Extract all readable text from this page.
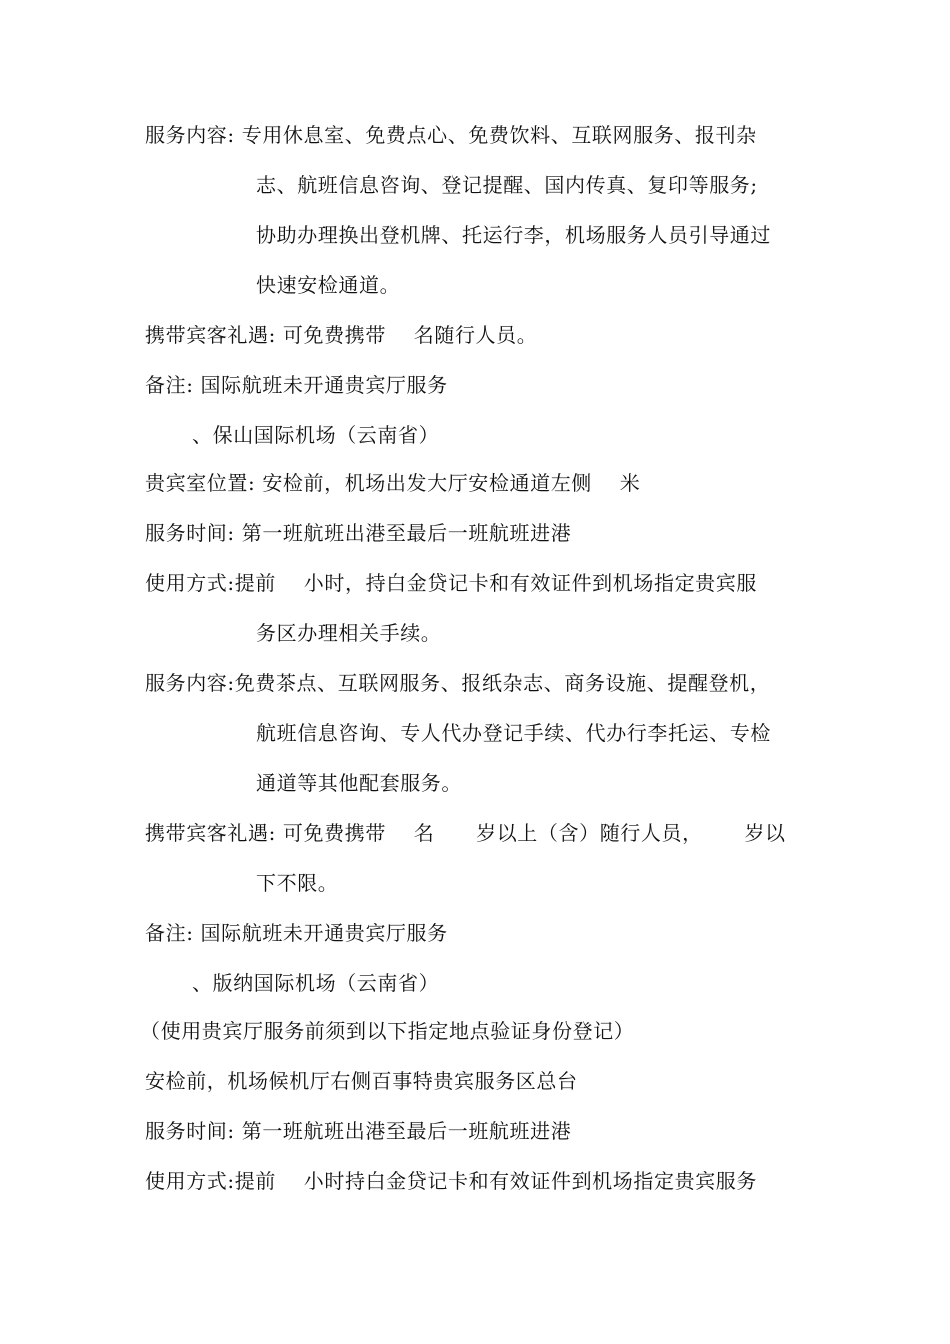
服务内容: 专用休息室、免费点心、免费饮料、互联网服务、报刊杂
志、航班信息咨询、登记提醒、国内传真、复印等服务;
协助办理换出登机牌、托运行李，机场服务人员引导通过
快速安检通道。
携带宾客礼遇: 可免费携带    名随行人员。
备注: 国际航班未开通贵宾厅服务
、保山国际机场（云南省）
贵宾室位置: 安检前，机场出发大厅安检通道左侧    米
服务时间: 第一班航班出港至最后一班航班进港
使用方式:提前    小时，持白金贷记卡和有效证件到机场指定贵宾服
务区办理相关手续。
服务内容:免费茶点、互联网服务、报纸杂志、商务设施、提醒登机，
航班信息咨询、专人代办登记手续、代办行李托运、专检
通道等其他配套服务。
携带宾客礼遇: 可免费携带    名      岁以上（含）随行人员，      岁以
下不限。
备注: 国际航班未开通贵宾厅服务
、版纳国际机场（云南省）
（使用贵宾厅服务前须到以下指定地点验证身份登记）
安检前，机场候机厅右侧百事特贵宾服务区总台
服务时间: 第一班航班出港至最后一班航班进港
使用方式:提前    小时持白金贷记卡和有效证件到机场指定贵宾服务
